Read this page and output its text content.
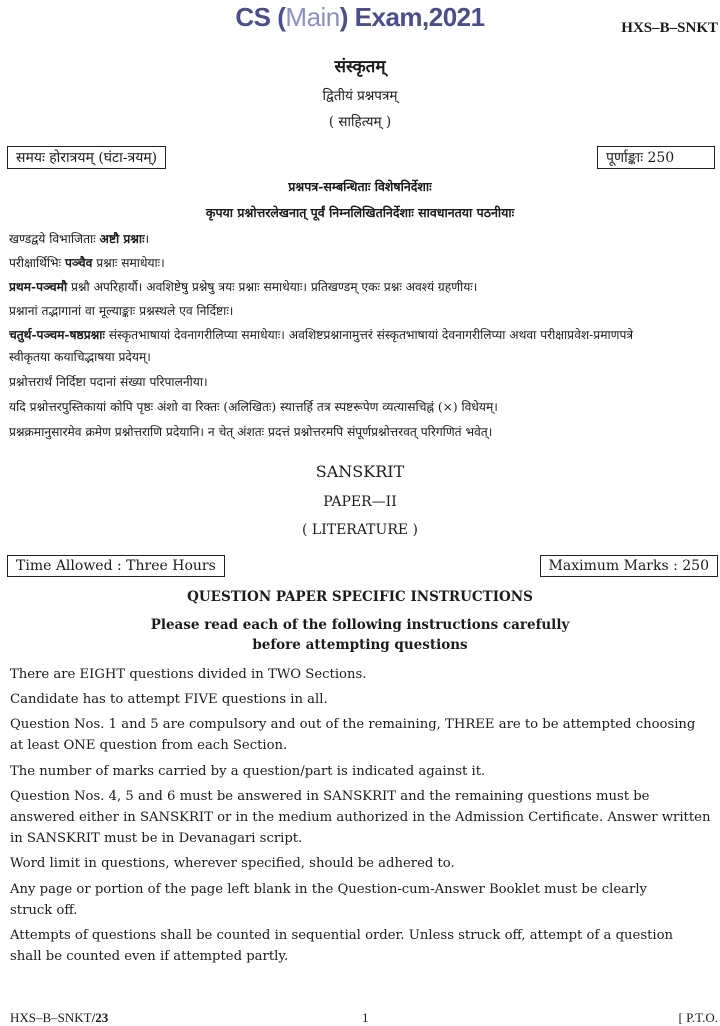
CS (Main) Exam,2021	HXS–B–SNKT
संस्कृतम्
द्वितीयं प्रश्नपत्रम्
( साहित्यम् )
समयः होरात्रयम् (घंटा-त्रयम्)	पूर्णाङ्काः 250
प्रश्नपत्र-सम्बन्धिताः विशेषनिर्देशाः
कृपया प्रश्नोत्तरलेखनात् पूर्वं निम्नलिखितनिर्देशाः सावधानतया पठनीयाः
खण्डद्वये विभाजिताः अष्टौ प्रश्नाः।
परीक्षार्थिभिः पञ्चैव प्रश्नाः समाधेयाः।
प्रथम-पञ्चमौ प्रश्नौ अपरिहार्यौ। अवशिष्टेषु प्रश्नेषु त्रयः प्रश्नाः समाधेयाः। प्रतिखण्डम् एकः प्रश्नः अवश्यं ग्रहणीयः।
प्रश्नानां तद्भागानां वा मूल्याङ्काः प्रश्नस्थले एव निर्दिष्टाः।
चतुर्थ-पञ्चम-षष्ठप्रश्नाः संस्कृतभाषायां देवनागरीलिप्या समाधेयाः। अवशिष्टप्रश्नानामुत्तरं संस्कृतभाषायां देवनागरीलिप्या अथवा परीक्षाप्रवेश-प्रमाणपत्रे
स्वीकृतया कयाचिद्भाषया प्रदेयम्।
प्रश्नोत्तरार्थं निर्दिष्टा पदानां संख्या परिपालनीया।
यदि प्रश्नोत्तरपुस्तिकायां कोपि पृष्ठः अंशो वा रिक्तः (अलिखितः) स्यात्तर्हि तत्र स्पष्टरूपेण व्यत्यासचिह्नं (×) विधेयम्।
प्रश्नक्रमानुसारमेव क्रमेण प्रश्नोत्तराणि प्रदेयानि। न चेत् अंशतः प्रदत्तं प्रश्नोत्तरमपि संपूर्णप्रश्नोत्तरवत् परिगणितं भवेत्।
SANSKRIT
PAPER—II
( LITERATURE )
Time Allowed : Three Hours	Maximum Marks : 250
QUESTION PAPER SPECIFIC INSTRUCTIONS
Please read each of the following instructions carefully
before attempting questions
There are EIGHT questions divided in TWO Sections.
Candidate has to attempt FIVE questions in all.
Question Nos. 1 and 5 are compulsory and out of the remaining, THREE are to be attempted choosing
at least ONE question from each Section.
The number of marks carried by a question/part is indicated against it.
Question Nos. 4, 5 and 6 must be answered in SANSKRIT and the remaining questions must be
answered either in SANSKRIT or in the medium authorized in the Admission Certificate. Answer written
in SANSKRIT must be in Devanagari script.
Word limit in questions, wherever specified, should be adhered to.
Any page or portion of the page left blank in the Question-cum-Answer Booklet must be clearly
struck off.
Attempts of questions shall be counted in sequential order. Unless struck off, attempt of a question
shall be counted even if attempted partly.
HXS–B–SNKT/23	1	[ P.T.O.
